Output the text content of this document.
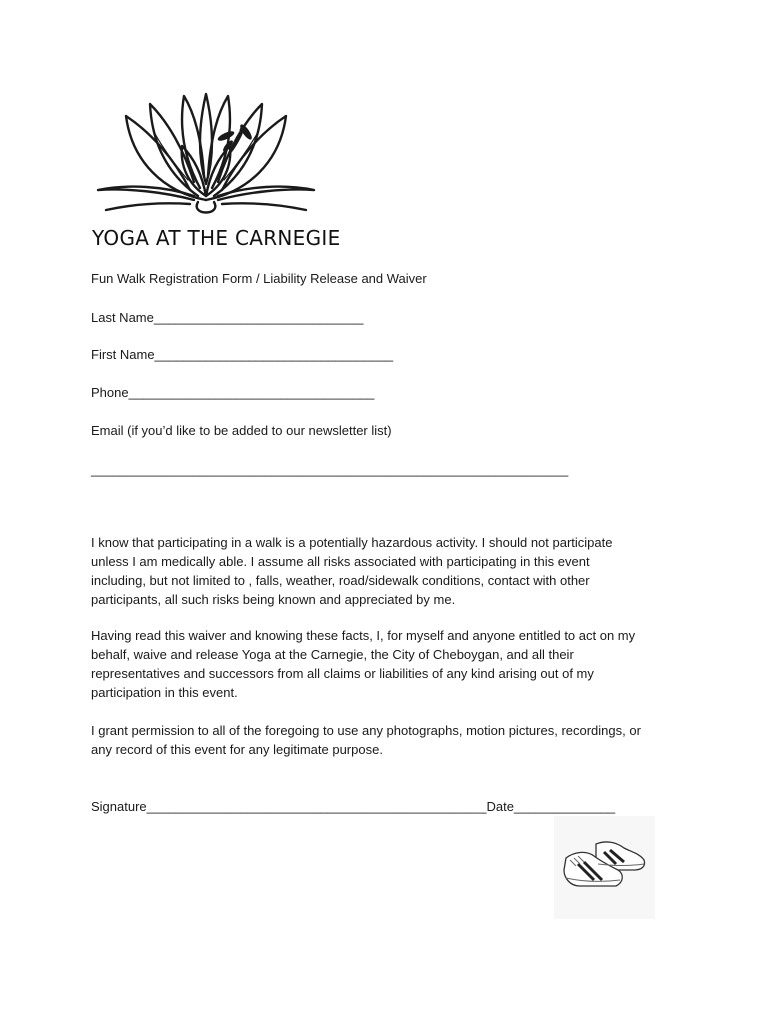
YOGA AT THE CARNEGIE
Fun Walk Registration Form / Liability Release and Waiver
Last Name_____________________________
First Name_________________________________
Phone__________________________________
Email (if you’d like to be added to our newsletter list)
__________________________________________________________________
I know that participating in a walk is a potentially hazardous activity. I should not participate
unless I am medically able. I assume all risks associated with participating in this event
including, but not limited to , falls, weather, road/sidewalk conditions, contact with other
participants, all such risks being known and appreciated by me.
Having read this waiver and knowing these facts, I, for myself and anyone entitled to act on my
behalf, waive and release Yoga at the Carnegie, the City of Cheboygan, and all their
representatives and successors from all claims or liabilities of any kind arising out of my
participation in this event.
I grant permission to all of the foregoing to use any photographs, motion pictures, recordings, or
any record of this event for any legitimate purpose.
Signature_______________________________________________Date______________
